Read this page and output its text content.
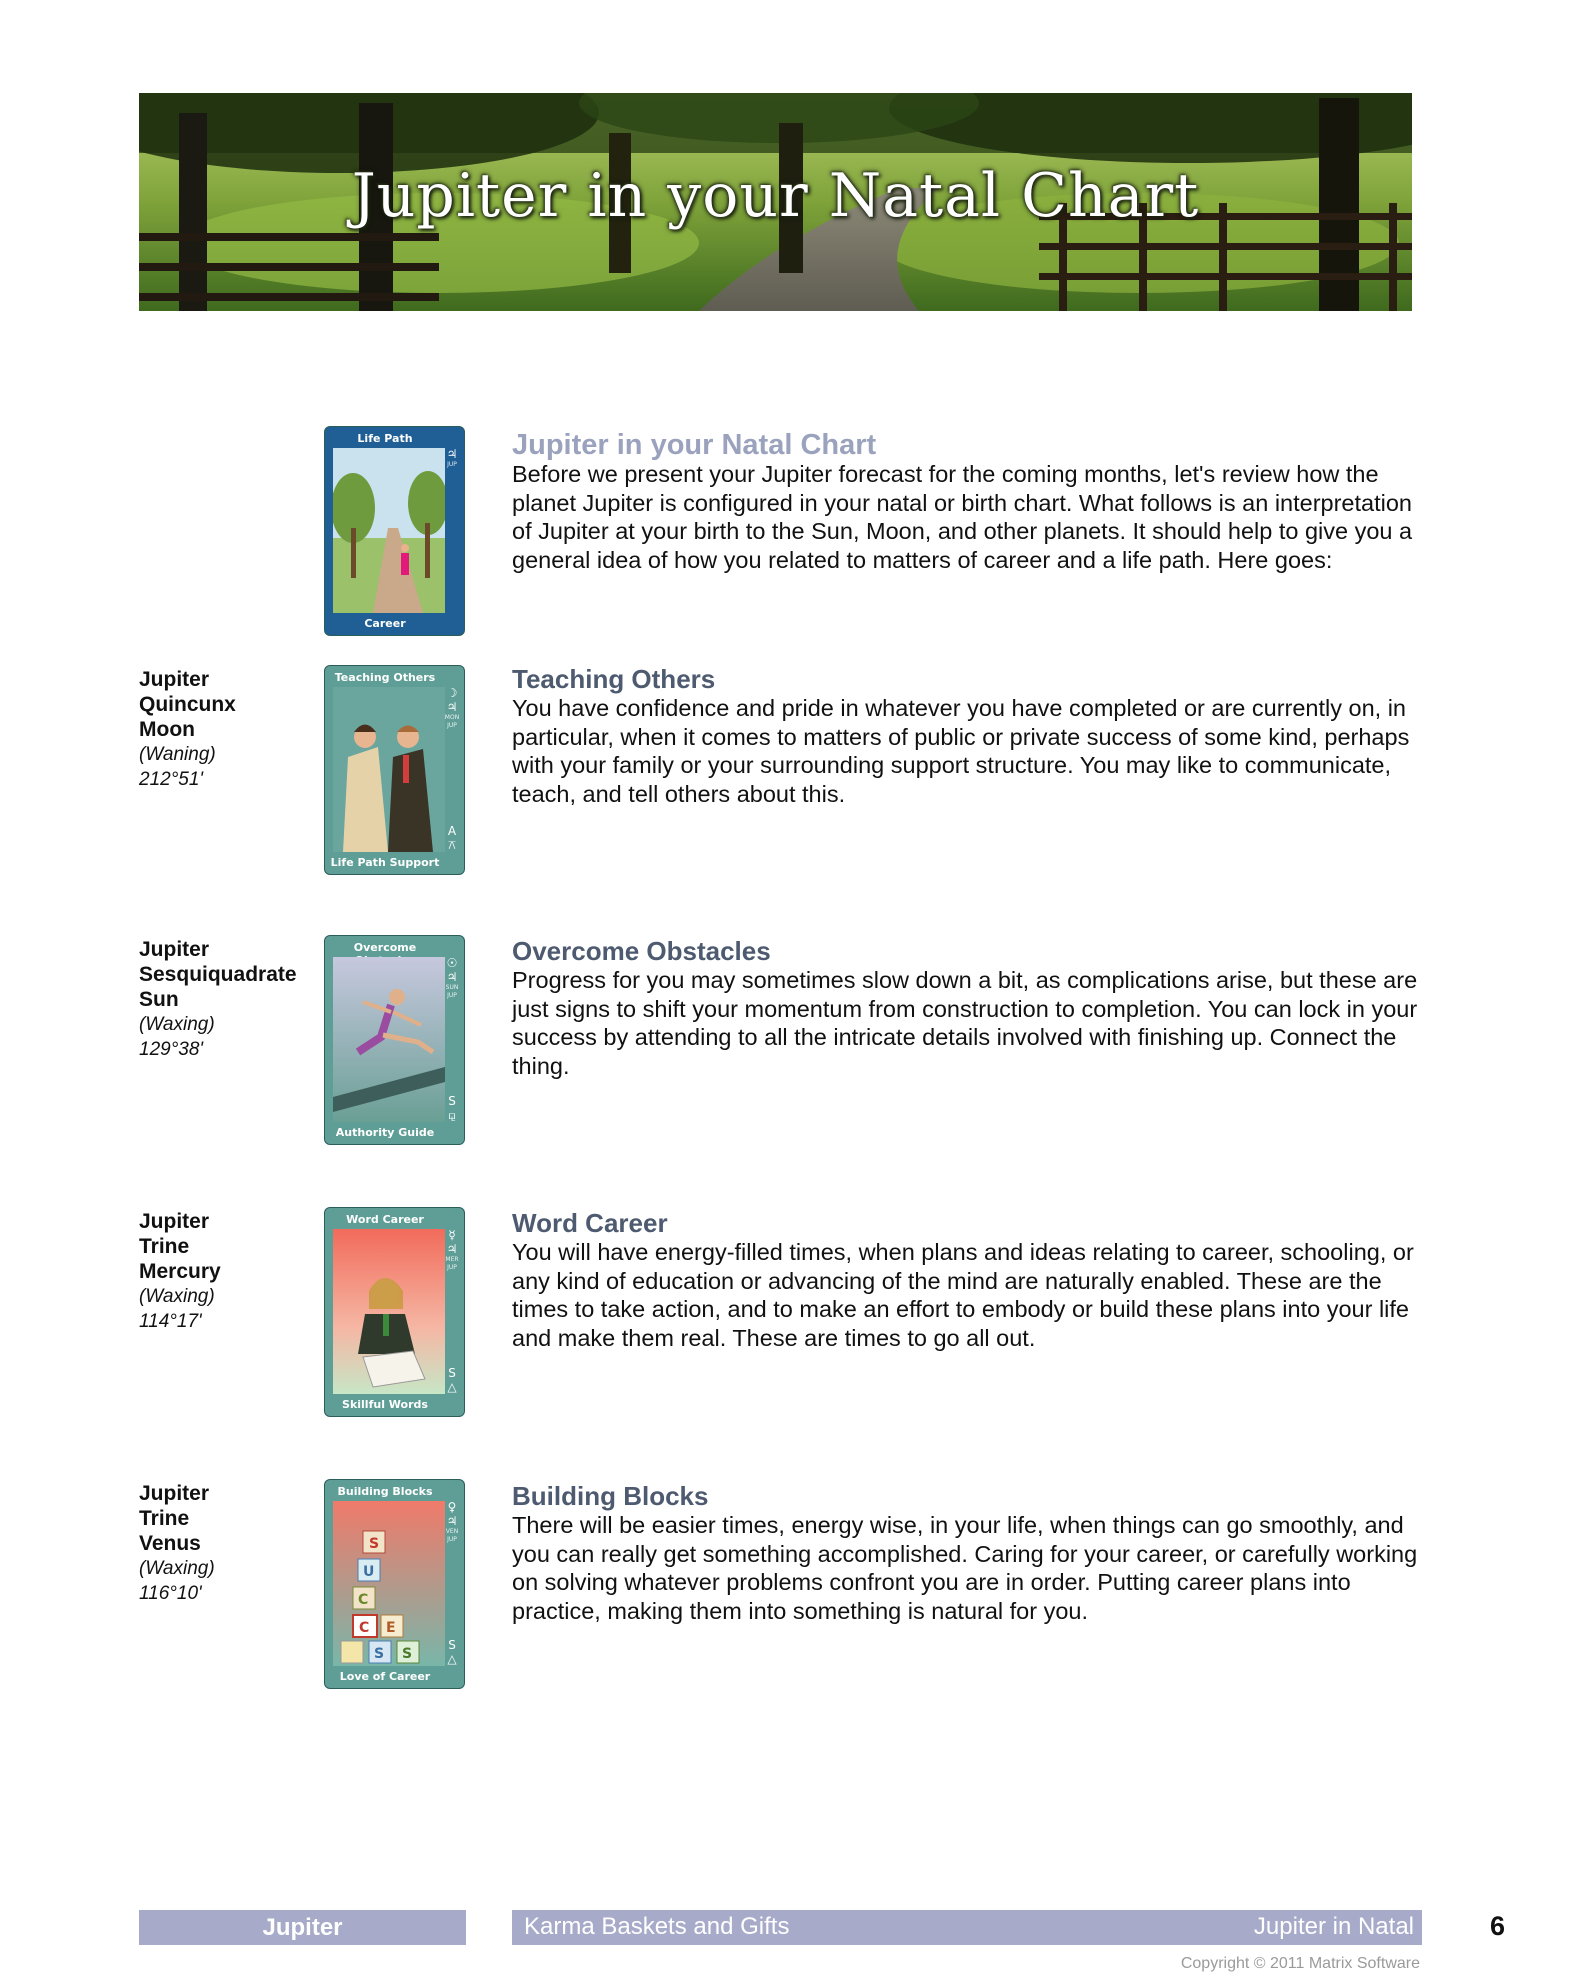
Jupiter in your Natal Chart
Life Path
♃
JUP
Career
Jupiter in your Natal Chart

Before we present your Jupiter forecast for the coming months, let's review how the planet Jupiter is configured in your natal or birth chart. What follows is an interpretation of Jupiter at your birth to the Sun, Moon, and other planets. It should help to give you a general idea of how you related to matters of career and a life path. Here goes:

Jupiter
Quincunx
Moon
(Waning)
212°51'
Teaching Others
☽
♃
MON
JUP
A
⚻
Life Path Support
Teaching Others

You have confidence and pride in whatever you have completed or are currently on, in particular, when it comes to matters of public or private success of some kind, perhaps with your family or your surrounding support structure. You may like to communicate, teach, and tell others about this.

Jupiter
Sesquiquadrate
Sun
(Waxing)
129°38'
Overcome
☉
♃
SUN
JUP
S
⚼
Authority Guide
Overcome Obstacles

Progress for you may sometimes slow down a bit, as complications arise, but these are just signs to shift your momentum from construction to completion. You can lock in your success by attending to all the intricate details involved with finishing up. Connect the thing.

Jupiter
Trine
Mercury
(Waxing)
114°17'
Word Career
☿
♃
MER
JUP
S
△
Skillful Words
Word Career

You will have energy-filled times, when plans and ideas relating to career, schooling, or any kind of education or advancing of the mind are naturally enabled. These are the times to take action, and to make an effort to embody or build these plans into your life and make them real. These are times to go all out.

Jupiter
Trine
Venus
(Waxing)
116°10'
Building Blocks
S
U
C
C E
S S
♀
♃
VEN
JUP
S
△
Love of Career
Building Blocks

There will be easier times, energy wise, in your life, when things can go smoothly, and you can really get something accomplished. Caring for your career, or carefully working on solving whatever problems confront you are in order. Putting career plans into practice, making them into something is natural for you.

Jupiter	Karma Baskets and Gifts	Jupiter in Natal	6
Copyright © 2011 Matrix Software
